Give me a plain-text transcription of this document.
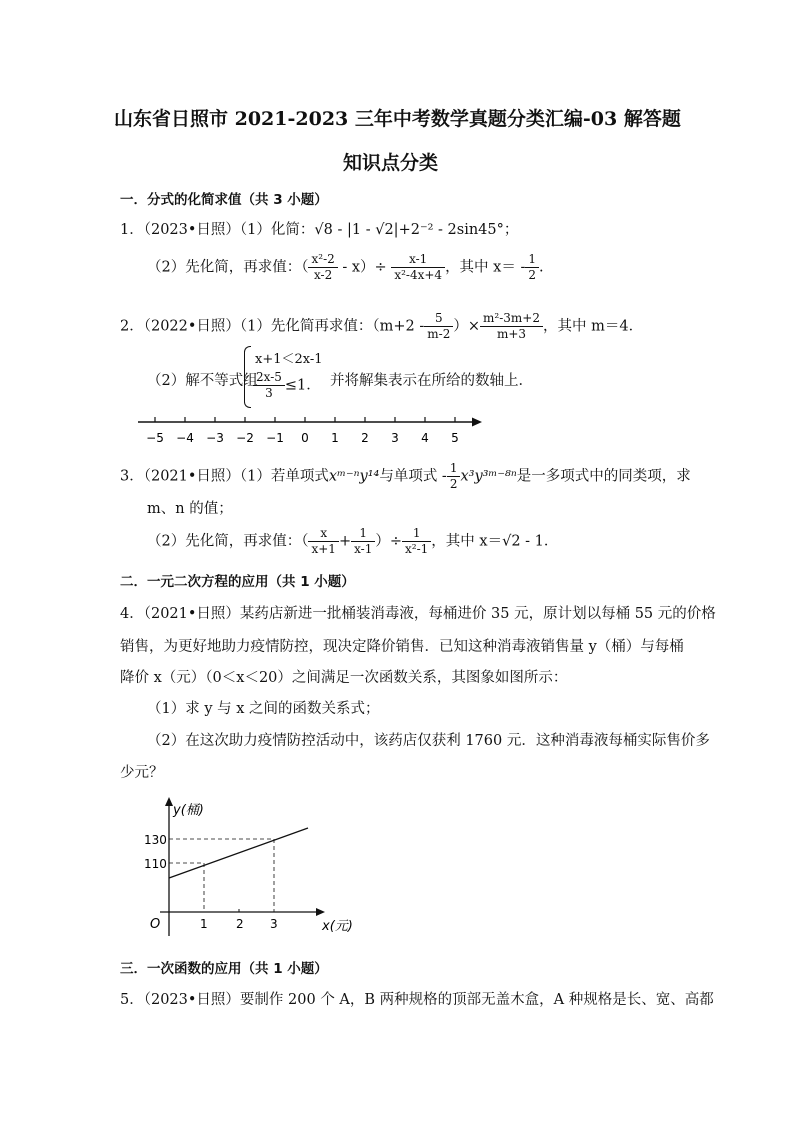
山东省日照市 2021-2023 三年中考数学真题分类汇编-03 解答题
知识点分类
一．分式的化简求值（共 3 小题）
1．（2023•日照）（1）化简：√8 - |1 - √2|+2⁻² - 2sin45°；
（2）先化简，再求值：（ $\frac{\text{x²-2}}{x-2} - x)\div \frac{x-1}{\text{x²-4x+4}}$ ，其中 $x= - \frac{1}{2}$ .
2．（2022•日照）（1）先化简再求值：（$m+2 - \frac{5}{m-2}$ ）× $\frac{\text{m²-3m+2}}{m+3}$ ，其中 m＝4．
（2）解不等式组
x+1＜2x-1
$\frac{2x-5}{3} \le 1$． 并将解集表示在所给的数轴上．
−5 −4 −3 −2 −1 0 1 2 3 4 5
3．（2021•日照）（1）若单项式xᵐ⁻ⁿy¹⁴与单项式 - $\frac{1}{2}$ x³y³ᵐ⁻⁸ⁿ是一多项式中的同类项，求
m、n 的值；
（2）先化简，再求值：（ $\frac{x}{x+1} + \frac{1}{x-1}$ ）÷ $\frac{1}{\text{x²-1}}$ ，其中 x＝√2 - 1．
二．一元二次方程的应用（共 1 小题）
4．（2021•日照）某药店新进一批桶装消毒液，每桶进价 35 元，原计划以每桶 55 元的价格
销售，为更好地助力疫情防控，现决定降价销售．已知这种消毒液销售量 y（桶）与每桶
降价 x（元）（0＜x＜20）之间满足一次函数关系，其图象如图所示：
（1）求 y 与 x 之间的函数关系式；
（2）在这次助力疫情防控活动中，该药店仅获利 1760 元．这种消毒液每桶实际售价多
少元？
y(桶)
x(元)
O
130
110
1 2 3
三．一次函数的应用（共 1 小题）
5．（2023•日照）要制作 200 个 A，B 两种规格的顶部无盖木盒，A 种规格是长、宽、高都
